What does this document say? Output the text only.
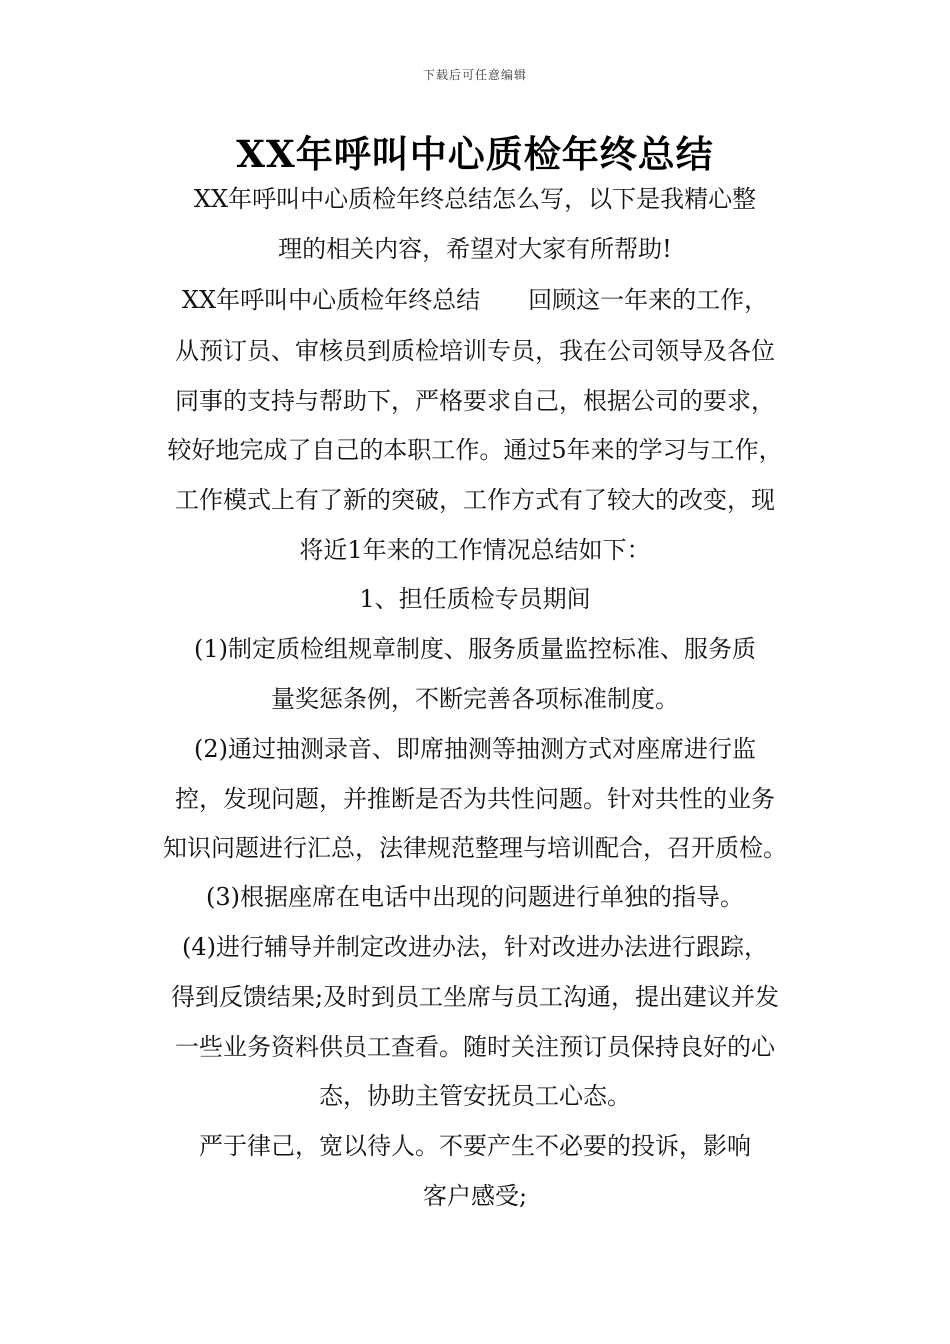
下载后可任意编辑
XX年呼叫中心质检年终总结
XX年呼叫中心质检年终总结怎么写，以下是我精心整
理的相关内容，希望对大家有所帮助!
XX年呼叫中心质检年终总结　　回顾这一年来的工作，
从预订员、审核员到质检培训专员，我在公司领导及各位
同事的支持与帮助下，严格要求自己，根据公司的要求，
较好地完成了自己的本职工作。通过5年来的学习与工作，
工作模式上有了新的突破，工作方式有了较大的改变，现
将近1年来的工作情况总结如下：
1、担任质检专员期间
(1)制定质检组规章制度、服务质量监控标准、服务质
量奖惩条例，不断完善各项标准制度。
(2)通过抽测录音、即席抽测等抽测方式对座席进行监
控，发现问题，并推断是否为共性问题。针对共性的业务
知识问题进行汇总，法律规范整理与培训配合，召开质检。
(3)根据座席在电话中出现的问题进行单独的指导。
(4)进行辅导并制定改进办法，针对改进办法进行跟踪，
得到反馈结果;及时到员工坐席与员工沟通，提出建议并发
一些业务资料供员工查看。随时关注预订员保持良好的心
态，协助主管安抚员工心态。
严于律己，宽以待人。不要产生不必要的投诉，影响
客户感受;
